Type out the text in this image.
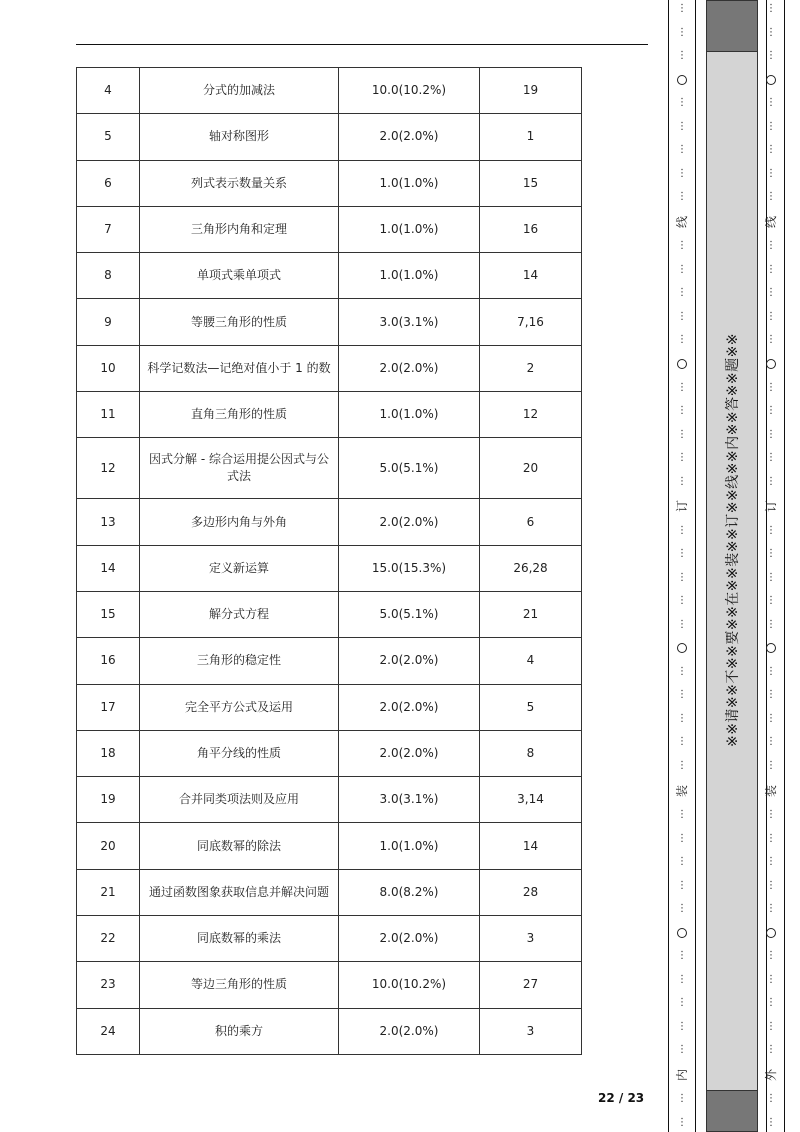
4	分式的加减法	10.0(10.2%)	19
5	轴对称图形	2.0(2.0%)	1
6	列式表示数量关系	1.0(1.0%)	15
7	三角形内角和定理	1.0(1.0%)	16
8	单项式乘单项式	1.0(1.0%)	14
9	等腰三角形的性质	3.0(3.1%)	7,16
10	科学记数法—记绝对值小于 1 的数	2.0(2.0%)	2
11	直角三角形的性质	1.0(1.0%)	12
12	因式分解 - 综合运用提公因式与公式法	5.0(5.1%)	20
13	多边形内角与外角	2.0(2.0%)	6
14	定义新运算	15.0(15.3%)	26,28
15	解分式方程	5.0(5.1%)	21
16	三角形的稳定性	2.0(2.0%)	4
17	完全平方公式及运用	2.0(2.0%)	5
18	角平分线的性质	2.0(2.0%)	8
19	合并同类项法则及应用	3.0(3.1%)	3,14
20	同底数幂的除法	1.0(1.0%)	14
21	通过函数图象获取信息并解决问题	8.0(8.2%)	28
22	同底数幂的乘法	2.0(2.0%)	3
23	等边三角形的性质	10.0(10.2%)	27
24	积的乘方	2.0(2.0%)	3
22 / 23
⋮
⋮
⋮
⋮
⋮
⋮
⋮
⋮
线
⋮
⋮
⋮
⋮
⋮
⋮
⋮
⋮
⋮
⋮
订
⋮
⋮
⋮
⋮
⋮
⋮
⋮
⋮
⋮
⋮
装
⋮
⋮
⋮
⋮
⋮
⋮
⋮
⋮
⋮
⋮
内
⋮
⋮
※※请※※不※※要※※在※※装※※订※※线※※内※※答※※题※※
⋮
⋮
⋮
⋮
⋮
⋮
⋮
⋮
线
⋮
⋮
⋮
⋮
⋮
⋮
⋮
⋮
⋮
⋮
订
⋮
⋮
⋮
⋮
⋮
⋮
⋮
⋮
⋮
⋮
装
⋮
⋮
⋮
⋮
⋮
⋮
⋮
⋮
⋮
⋮
外
⋮
⋮
